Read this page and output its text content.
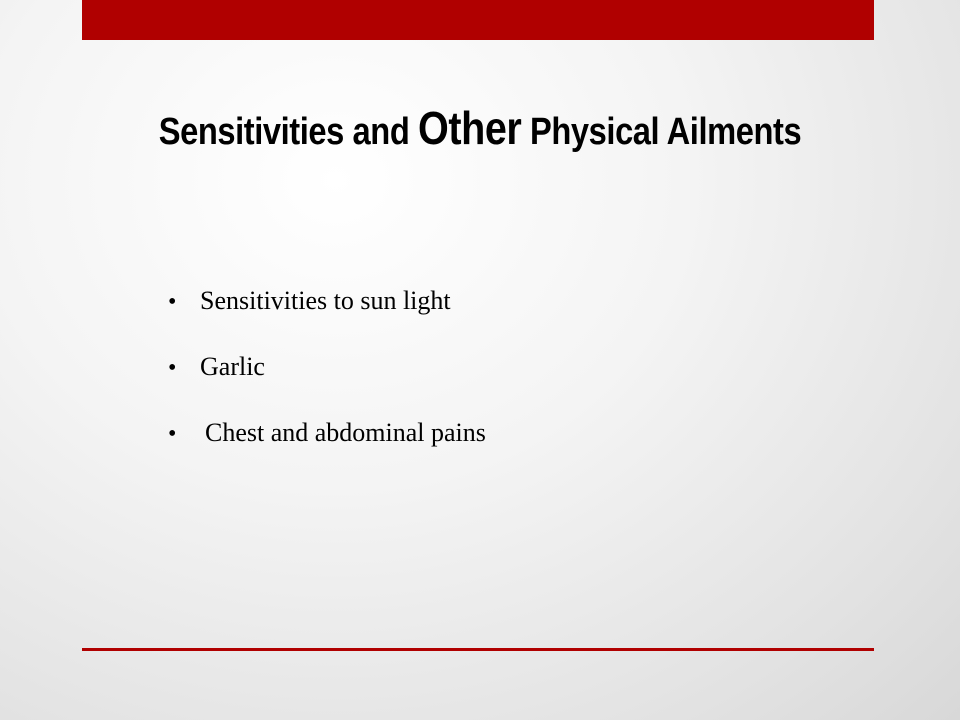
Sensitivities and Other Physical Ailments
• Sensitivities to sun light
• Garlic
•	Chest and abdominal pains
